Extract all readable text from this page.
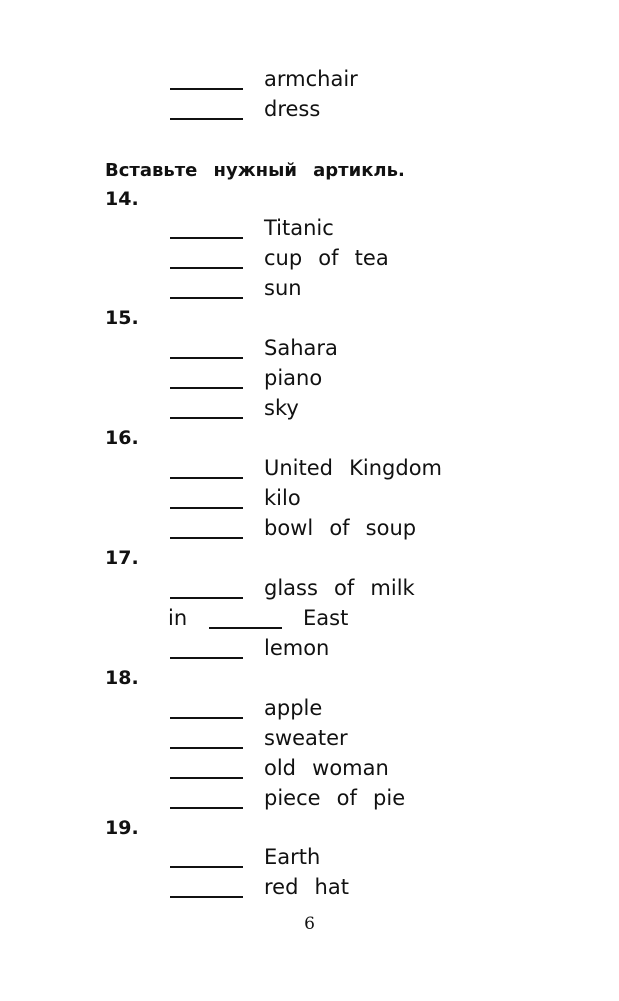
armchair
dress
Вставьте нужный артикль.
14.
Titanic
cup of tea
sun
15.
Sahara
piano
sky
16.
United Kingdom
kilo
bowl of soup
17.
glass of milk
in	East
lemon
18.
apple
sweater
old woman
piece of pie
19.
Earth
red hat
6
